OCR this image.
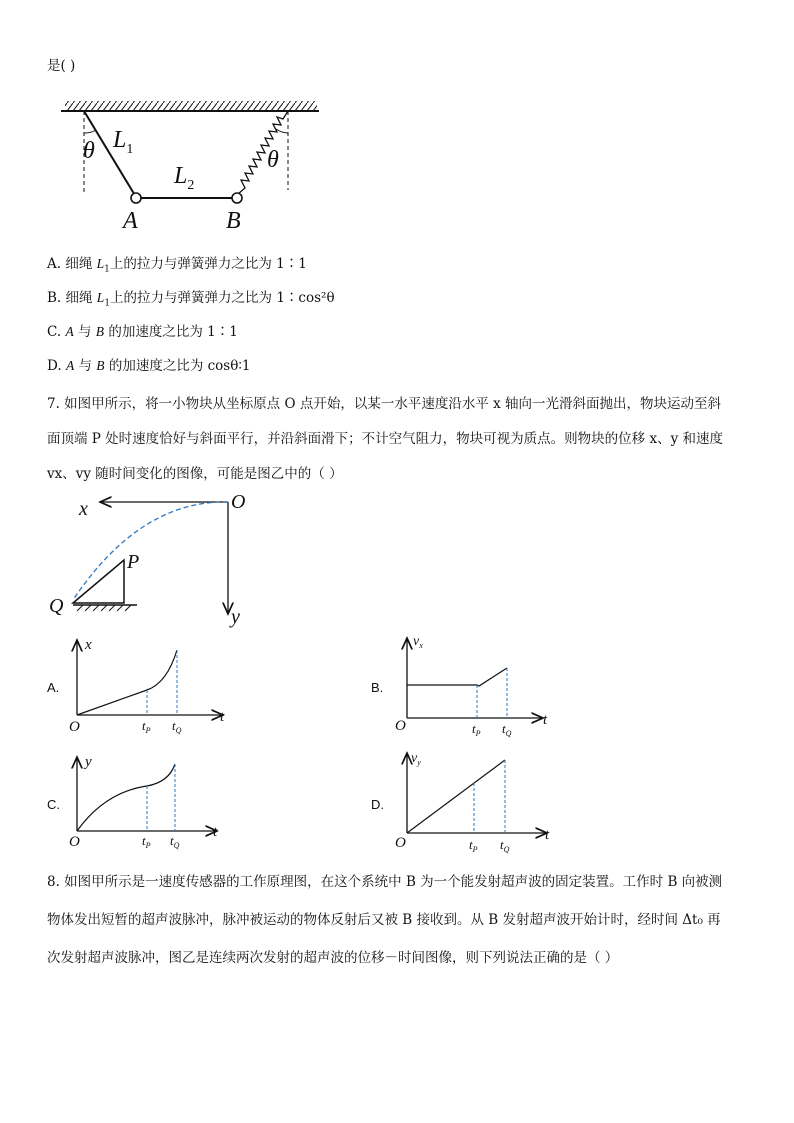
是( )
θ	θ
$L_1$
$L_2$
A	B
A. 细绳 $L_1$上的拉力与弹簧弹力之比为 1∶1
B. 细绳 $L_1$上的拉力与弹簧弹力之比为 1∶cos²θ
C. A 与 B 的加速度之比为 1∶1
D. A 与 B 的加速度之比为 cosθ∶1
7. 如图甲所示，将一小物块从坐标原点 O 点开始，以某一水平速度沿水平 x 轴向一光滑斜面抛出，物块运动至斜
面顶端 P 处时速度恰好与斜面平行，并沿斜面滑下；不计空气阻力，物块可视为质点。则物块的位移 x、y 和速度
vx、vy 随时间变化的图像，可能是图乙中的（ ）
x	O
y
P
Q
A.
x
O
t
$t_P$ $t_Q$
B.
$v_x$
O	t
$t_P$ $t_Q$
C.
y
O
t
$t_P$ $t_Q$
D.
$v_y$
O	t
$t_P$ $t_Q$
8. 如图甲所示是一速度传感器的工作原理图，在这个系统中 B 为一个能发射超声波的固定装置。工作时 B 向被测
物体发出短暂的超声波脉冲，脉冲被运动的物体反射后又被 B 接收到。从 B 发射超声波开始计时，经时间 Δt₀ 再
次发射超声波脉冲，图乙是连续两次发射的超声波的位移－时间图像，则下列说法正确的是（ ）
